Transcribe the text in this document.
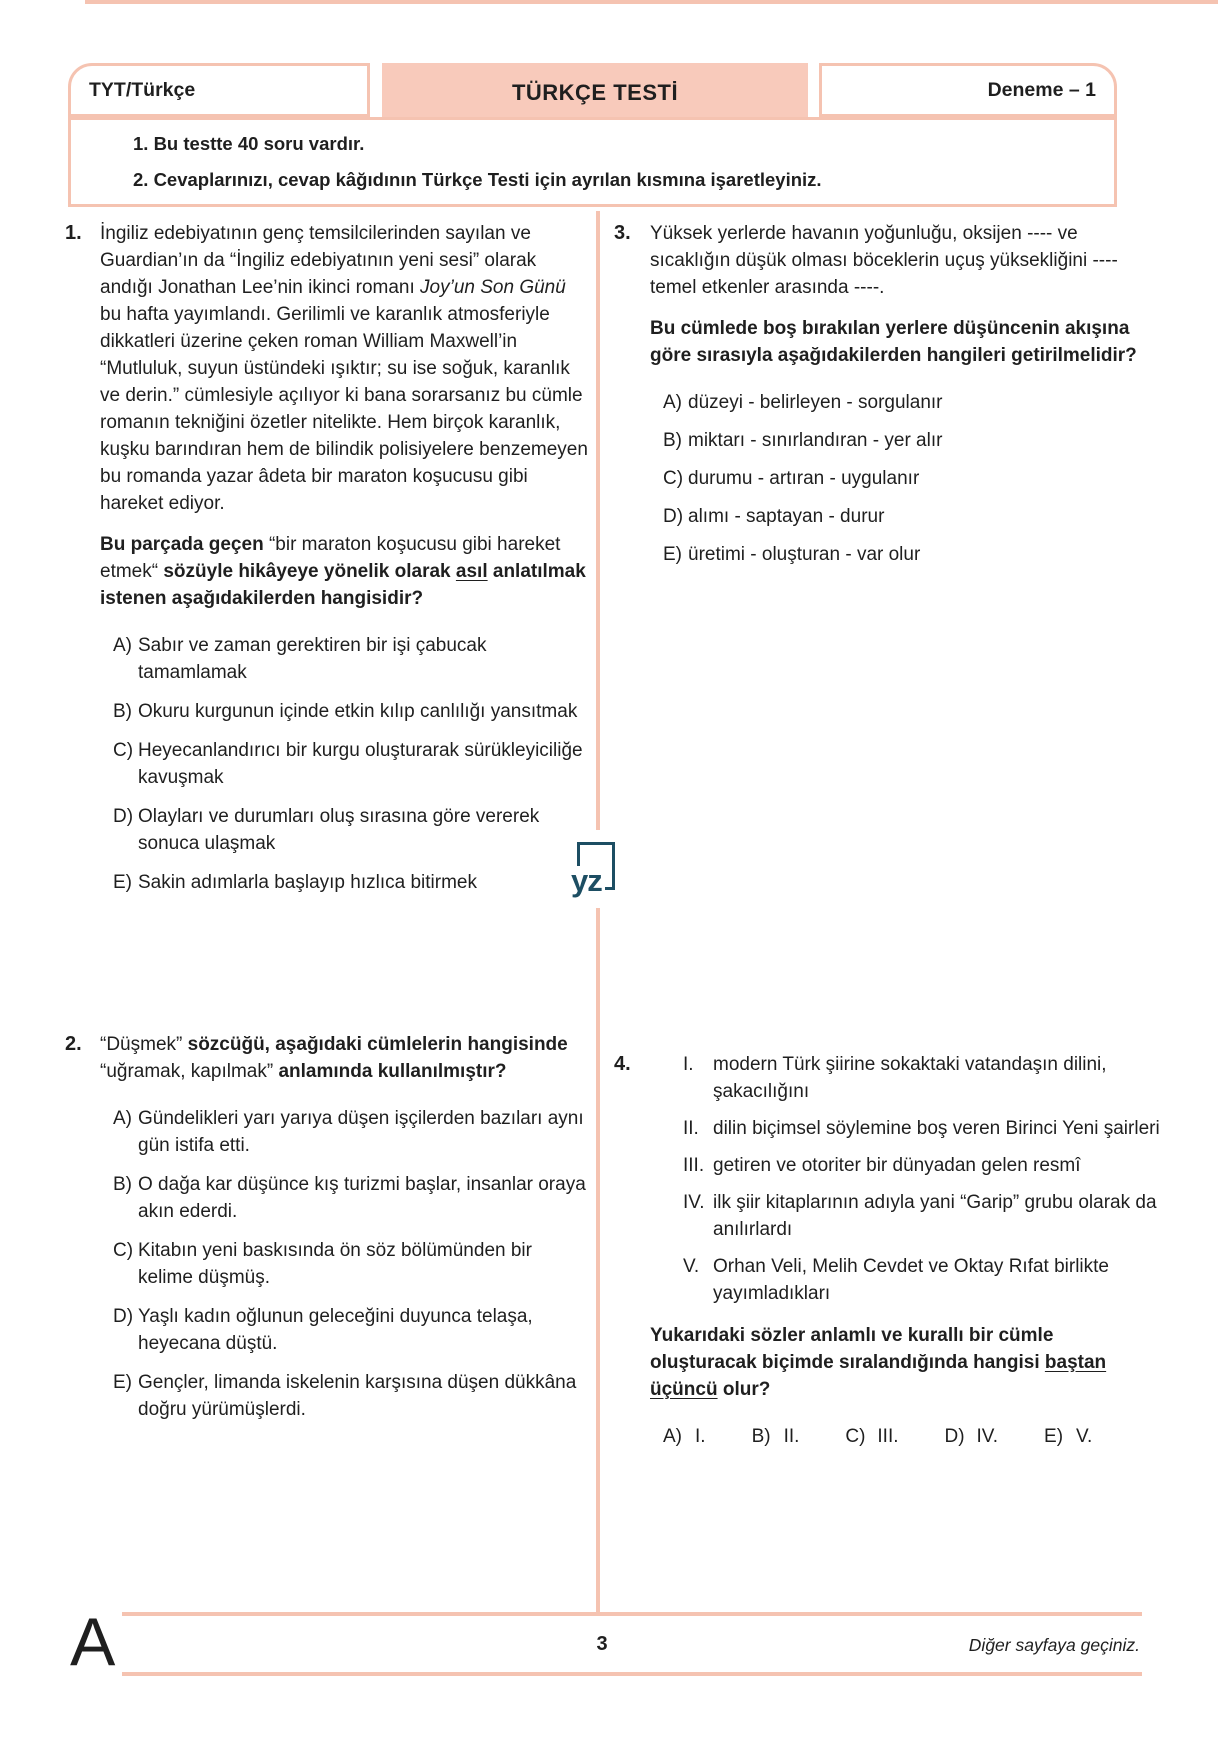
TYT/Türkçe	TÜRKÇE TESTİ	Deneme – 1

1. Bu testte 40 soru vardır.

2. Cevaplarınızı, cevap kâğıdının Türkçe Testi için ayrılan kısmına işaretleyiniz.

yz
1. İngiliz edebiyatının genç temsilcilerinden sayılan ve Guardian’ın da “İngiliz edebiyatının yeni sesi” olarak andığı Jonathan Lee’nin ikinci romanı Joy’un Son Günü bu hafta yayımlandı. Gerilimli ve karanlık atmosferiyle dikkatleri üzerine çeken roman William Maxwell’in “Mutluluk, suyun üstündeki ışıktır; su ise soğuk, karanlık ve derin.” cümlesiyle açılıyor ki bana sorarsanız bu cümle romanın tekniğini özetler nitelikte. Hem birçok karanlık, kuşku barındıran hem de bilindik polisiyelere benzemeyen bu romanda yazar âdeta bir maraton koşucusu gibi hareket ediyor.

Bu parçada geçen “bir maraton koşucusu gibi hareket etmek“ sözüyle hikâyeye yönelik olarak asıl anlatılmak istenen aşağıdakilerden hangisidir?

A) Sabır ve zaman gerektiren bir işi çabucak tamamlamak
B) Okuru kurgunun içinde etkin kılıp canlılığı yansıtmak
C) Heyecanlandırıcı bir kurgu oluşturarak sürükleyiciliğe kavuşmak
D) Olayları ve durumları oluş sırasına göre vererek sonuca ulaşmak
E) Sakin adımlarla başlayıp hızlıca bitirmek
2. “Düşmek” sözcüğü, aşağıdaki cümlelerin hangisinde “uğramak, kapılmak” anlamında kullanılmıştır?

A) Gündelikleri yarı yarıya düşen işçilerden bazıları aynı gün istifa etti.
B) O dağa kar düşünce kış turizmi başlar, insanlar oraya akın ederdi.
C) Kitabın yeni baskısında ön söz bölümünden bir kelime düşmüş.
D) Yaşlı kadın oğlunun geleceğini duyunca telaşa, heyecana düştü.
E) Gençler, limanda iskelenin karşısına düşen dükkâna doğru yürümüşlerdi.
3.	Yüksek yerlerde havanın yoğunluğu, oksijen ---- ve sıcaklığın düşük olması böceklerin uçuş yüksekliğini ---- temel etkenler arasında ----.

Bu cümlede boş bırakılan yerlere düşüncenin akışına göre sırasıyla aşağıdakilerden hangileri getirilmelidir?

A) düzeyi - belirleyen - sorgulanır
B) miktarı - sınırlandıran - yer alır
C) durumu - artıran - uygulanır
D) alımı - saptayan - durur
E) üretimi - oluşturan - var olur
4.	I.	modern Türk şiirine sokaktaki vatandaşın dilini, şakacılığını
II. dilin biçimsel söylemine boş veren Birinci Yeni şairleri
III. getiren ve otoriter bir dünyadan gelen resmî
IV. ilk şiir kitaplarının adıyla yani “Garip” grubu olarak da anılırlardı
V. Orhan Veli, Melih Cevdet ve Oktay Rıfat birlikte yayımladıkları

Yukarıdaki sözler anlamlı ve kurallı bir cümle oluşturacak biçimde sıralandığında hangisi baştan üçüncü olur?

A) I. B) II. C) III. D) IV. E) V.
A	3	Diğer sayfaya geçiniz.
